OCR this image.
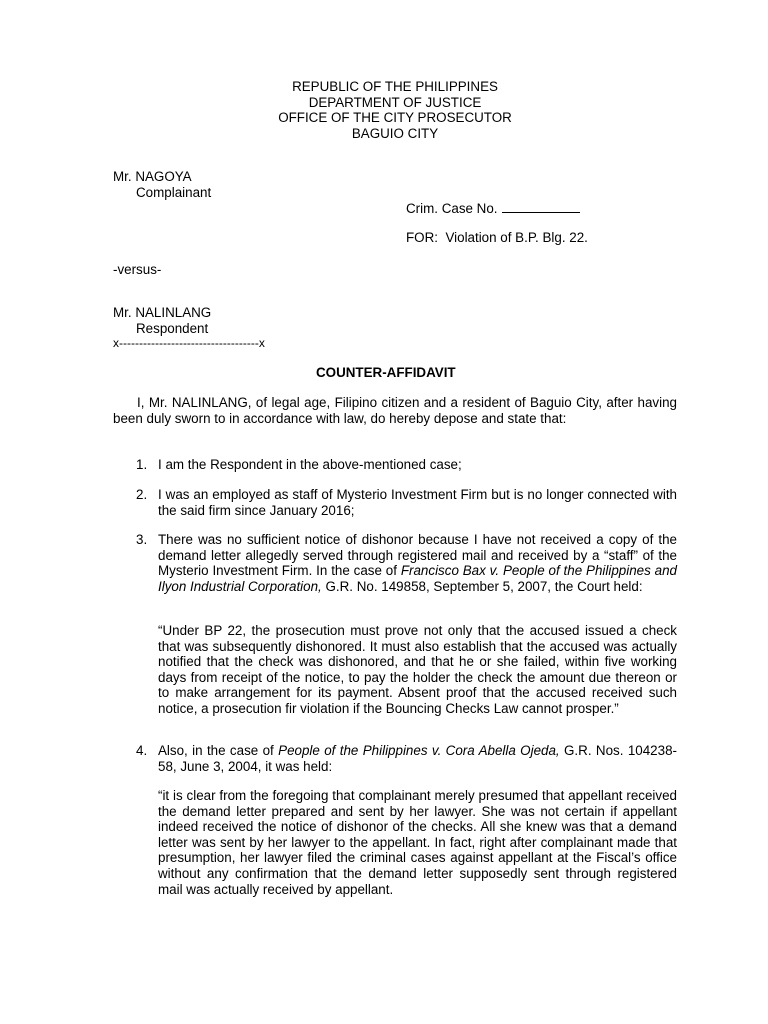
REPUBLIC OF THE PHILIPPINES
DEPARTMENT OF JUSTICE
OFFICE OF THE CITY PROSECUTOR
BAGUIO CITY
Mr. NAGOYA
Complainant
Crim. Case No.
FOR: Violation of B.P. Blg. 22.
-versus-
Mr. NALINLANG
Respondent
x-----------------------------------x
COUNTER-AFFIDAVIT
I, Mr. NALINLANG, of legal age, Filipino citizen and a resident of Baguio City, after having been duly sworn to in accordance with law, do hereby depose and state that:
1. I am the Respondent in the above-mentioned case;
2. I was an employed as staff of Mysterio Investment Firm but is no longer connected with the said firm since January 2016;
3. There was no sufficient notice of dishonor because I have not received a copy of the demand letter allegedly served through registered mail and received by a “staff” of the Mysterio Investment Firm. In the case of Francisco Bax v. People of the Philippines and Ilyon Industrial Corporation, G.R. No. 149858, September 5, 2007, the Court held:
“Under BP 22, the prosecution must prove not only that the accused issued a check that was subsequently dishonored. It must also establish that the accused was actually notified that the check was dishonored, and that he or she failed, within five working days from receipt of the notice, to pay the holder the check the amount due thereon or to make arrangement for its payment. Absent proof that the accused received such notice, a prosecution fir violation if the Bouncing Checks Law cannot prosper.”
4. Also, in the case of People of the Philippines v. Cora Abella Ojeda, G.R. Nos. 104238-58, June 3, 2004, it was held:
“it is clear from the foregoing that complainant merely presumed that appellant received the demand letter prepared and sent by her lawyer. She was not certain if appellant indeed received the notice of dishonor of the checks. All she knew was that a demand letter was sent by her lawyer to the appellant. In fact, right after complainant made that presumption, her lawyer filed the criminal cases against appellant at the Fiscal’s office without any confirmation that the demand letter supposedly sent through registered mail was actually received by appellant.
